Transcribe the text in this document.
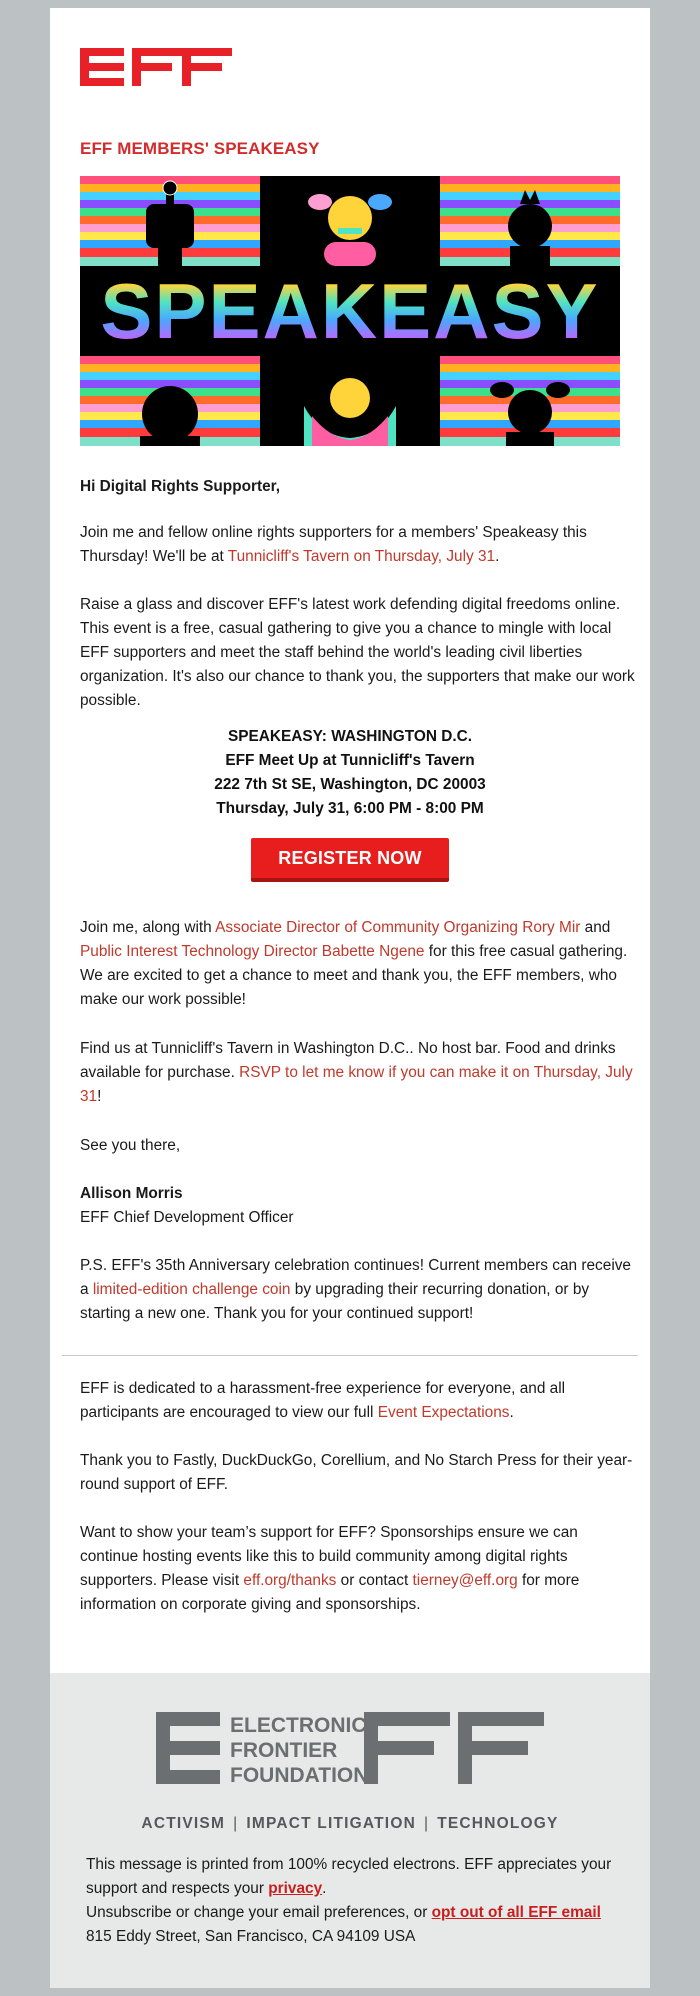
EFF MEMBERS' SPEAKEASY
SPEAKEASY

Hi Digital Rights Supporter,

Join me and fellow online rights supporters for a members' Speakeasy this Thursday! We'll be at Tunnicliff's Tavern on Thursday, July 31.

Raise a glass and discover EFF's latest work defending digital freedoms online. This event is a free, casual gathering to give you a chance to mingle with local EFF supporters and meet the staff behind the world's leading civil liberties organization. It's also our chance to thank you, the supporters that make our work possible.

SPEAKEASY: WASHINGTON D.C.
EFF Meet Up at Tunnicliff's Tavern
222 7th St SE, Washington, DC 20003
Thursday, July 31, 6:00 PM - 8:00 PM
REGISTER NOW

Join me, along with Associate Director of Community Organizing Rory Mir and Public Interest Technology Director Babette Ngene for this free casual gathering. We are excited to get a chance to meet and thank you, the EFF members, who make our work possible!

Find us at Tunnicliff's Tavern in Washington D.C.. No host bar. Food and drinks available for purchase. RSVP to let me know if you can make it on Thursday, July 31!

See you there,

Allison Morris

EFF Chief Development Officer

P.S. EFF's 35th Anniversary celebration continues! Current members can receive a limited-edition challenge coin by upgrading their recurring donation, or by starting a new one. Thank you for your continued support!

EFF is dedicated to a harassment-free experience for everyone, and all participants are encouraged to view our full Event Expectations.

Thank you to Fastly, DuckDuckGo, Corellium, and No Starch Press for their year-round support of EFF.

Want to show your team’s support for EFF? Sponsorships ensure we can continue hosting events like this to build community among digital rights supporters. Please visit eff.org/thanks or contact tierney@eff.org for more information on corporate giving and sponsorships.

ELECTRONIC
FRONTIER
FOUNDATION
ACTIVISM | IMPACT LITIGATION | TECHNOLOGY
This message is printed from 100% recycled electrons. EFF appreciates your support and respects your privacy.
Unsubscribe or change your email preferences, or opt out of all EFF email
815 Eddy Street, San Francisco, CA 94109 USA
